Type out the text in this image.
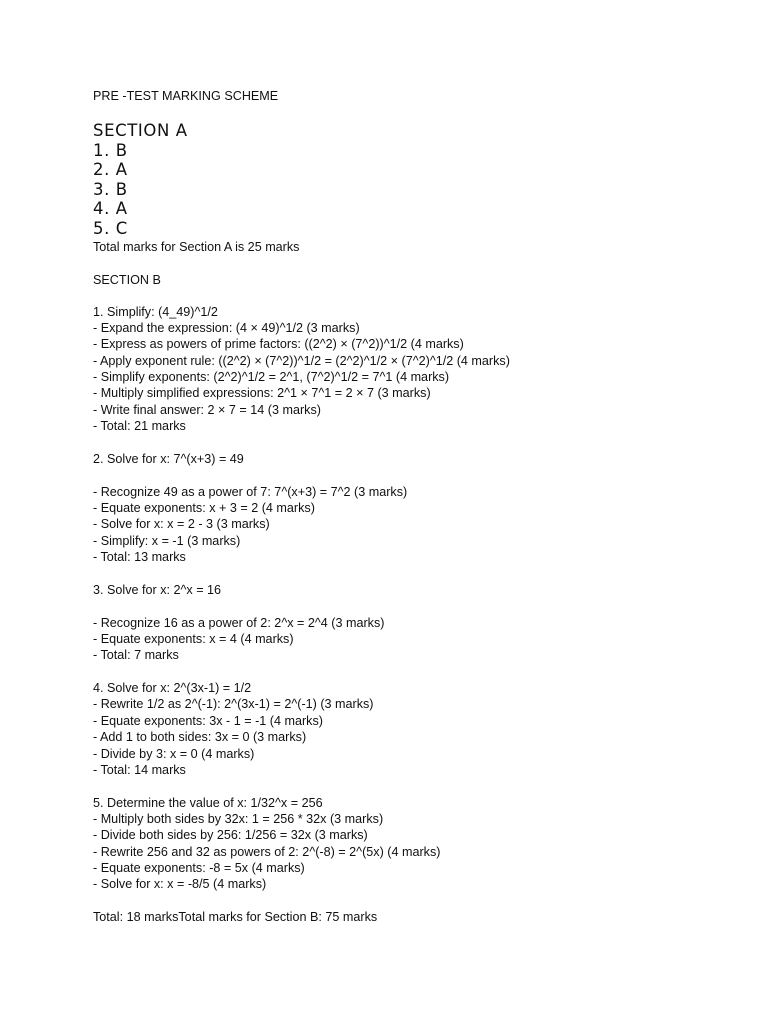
PRE -TEST MARKING SCHEME
SECTION A
1. B
2. A
3. B
4. A
5. C
Total marks for Section A is 25 marks
SECTION B
1. Simplify: (4_49)^1/2
- Expand the expression: (4 × 49)^1/2 (3 marks)
- Express as powers of prime factors: ((2^2) × (7^2))^1/2 (4 marks)
- Apply exponent rule: ((2^2) × (7^2))^1/2 = (2^2)^1/2 × (7^2)^1/2 (4 marks)
- Simplify exponents: (2^2)^1/2 = 2^1, (7^2)^1/2 = 7^1 (4 marks)
- Multiply simplified expressions: 2^1 × 7^1 = 2 × 7 (3 marks)
- Write final answer: 2 × 7 = 14 (3 marks)
- Total: 21 marks
2. Solve for x: 7^(x+3) = 49
- Recognize 49 as a power of 7: 7^(x+3) = 7^2 (3 marks)
- Equate exponents: x + 3 = 2 (4 marks)
- Solve for x: x = 2 - 3 (3 marks)
- Simplify: x = -1 (3 marks)
- Total: 13 marks
3. Solve for x: 2^x = 16
- Recognize 16 as a power of 2: 2^x = 2^4 (3 marks)
- Equate exponents: x = 4 (4 marks)
- Total: 7 marks
4. Solve for x: 2^(3x-1) = 1/2
- Rewrite 1/2 as 2^(-1): 2^(3x-1) = 2^(-1) (3 marks)
- Equate exponents: 3x - 1 = -1 (4 marks)
- Add 1 to both sides: 3x = 0 (3 marks)
- Divide by 3: x = 0 (4 marks)
- Total: 14 marks
5. Determine the value of x: 1/32^x = 256
- Multiply both sides by 32x: 1 = 256 * 32x (3 marks)
- Divide both sides by 256: 1/256 = 32x (3 marks)
- Rewrite 256 and 32 as powers of 2: 2^(-8) = 2^(5x) (4 marks)
- Equate exponents: -8 = 5x (4 marks)
- Solve for x: x = -8/5 (4 marks)
Total: 18 marksTotal marks for Section B: 75 marks
